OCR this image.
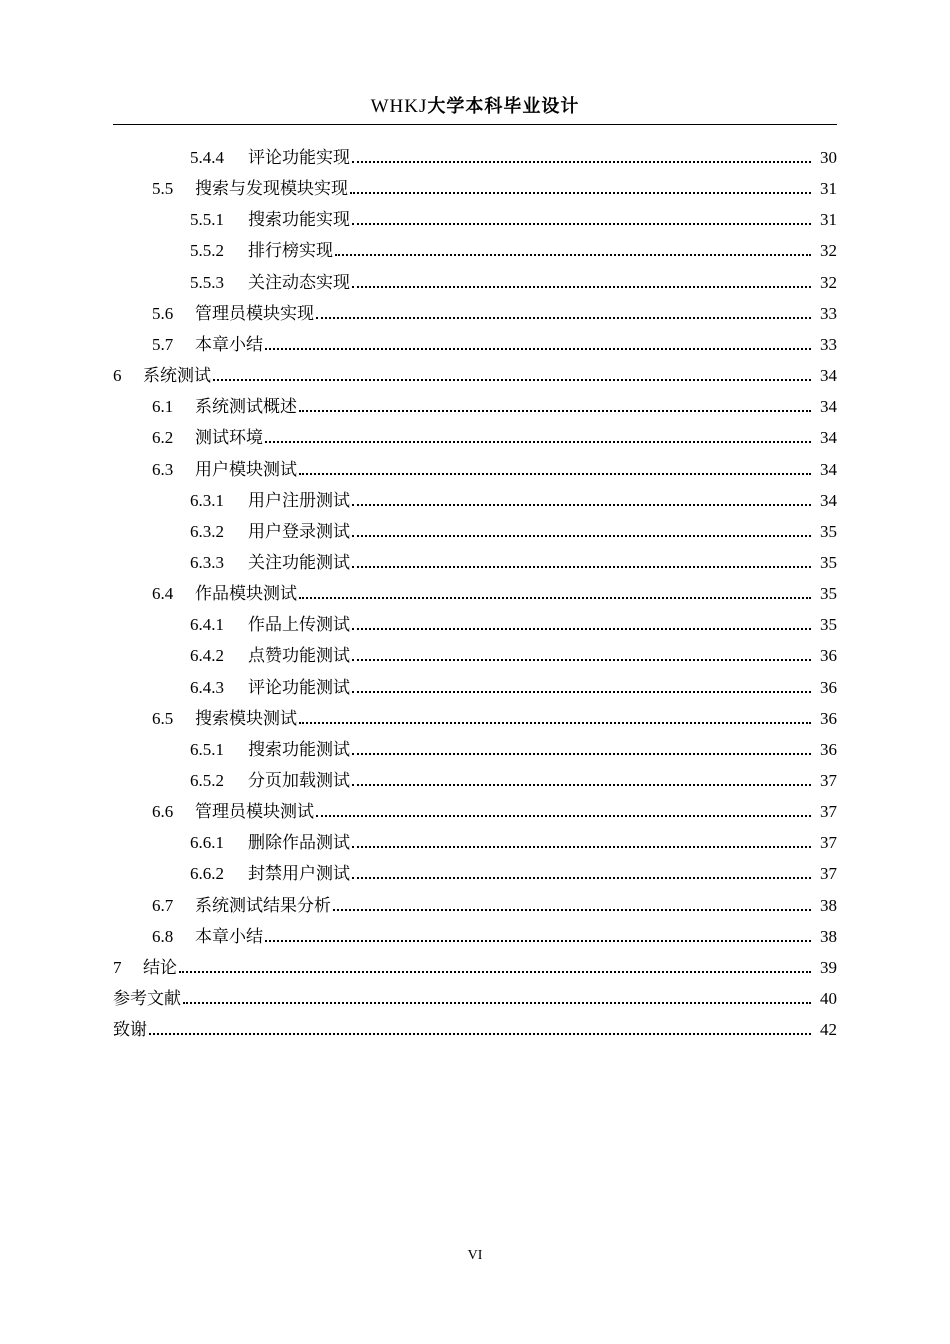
WHKJ大学本科毕业设计
5.4.4 评论功能实现	30
5.5 搜索与发现模块实现	31
5.5.1 搜索功能实现	31
5.5.2 排行榜实现	32
5.5.3 关注动态实现	32
5.6 管理员模块实现	33
5.7 本章小结	33
6 系统测试	34
6.1 系统测试概述	34
6.2 测试环境	34
6.3 用户模块测试	34
6.3.1 用户注册测试	34
6.3.2 用户登录测试	35
6.3.3 关注功能测试	35
6.4 作品模块测试	35
6.4.1 作品上传测试	35
6.4.2 点赞功能测试	36
6.4.3 评论功能测试	36
6.5 搜索模块测试	36
6.5.1 搜索功能测试	36
6.5.2 分页加载测试	37
6.6 管理员模块测试	37
6.6.1 删除作品测试	37
6.6.2 封禁用户测试	37
6.7 系统测试结果分析	38
6.8 本章小结	38
7 结论	39
参考文献	40
致谢	42
VI
